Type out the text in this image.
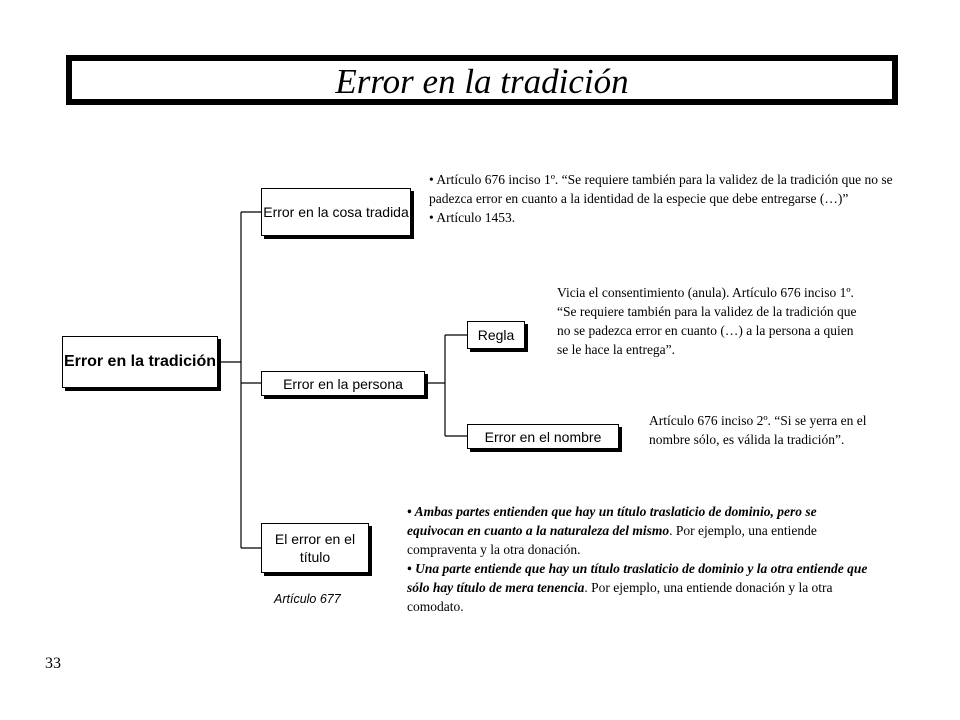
Error en la tradición
Error en la tradición
Error en la cosa tradida
Error en la persona
El error en el título
Regla
Error en el nombre

• Artículo 676 inciso 1º. “Se requiere también para la validez de la tradición que no se padezca error en cuanto a la identidad de la especie que debe entregarse (…)”

• Artículo 1453.

Vicia el consentimiento (anula). Artículo 676 inciso 1º. “Se requiere también para la validez de la tradición que no se padezca error en cuanto (…) a la persona a quien se le hace la entrega”.

Artículo 676 inciso 2º. “Si se yerra en el nombre sólo, es válida la tradición”.

• Ambas partes entienden que hay un título traslaticio de dominio, pero se equivocan en cuanto a la naturaleza del mismo. Por ejemplo, una entiende compraventa y la otra donación.

• Una parte entiende que hay un título traslaticio de dominio y la otra entiende que sólo hay título de mera tenencia. Por ejemplo, una entiende donación y la otra comodato.

Artículo 677
33
